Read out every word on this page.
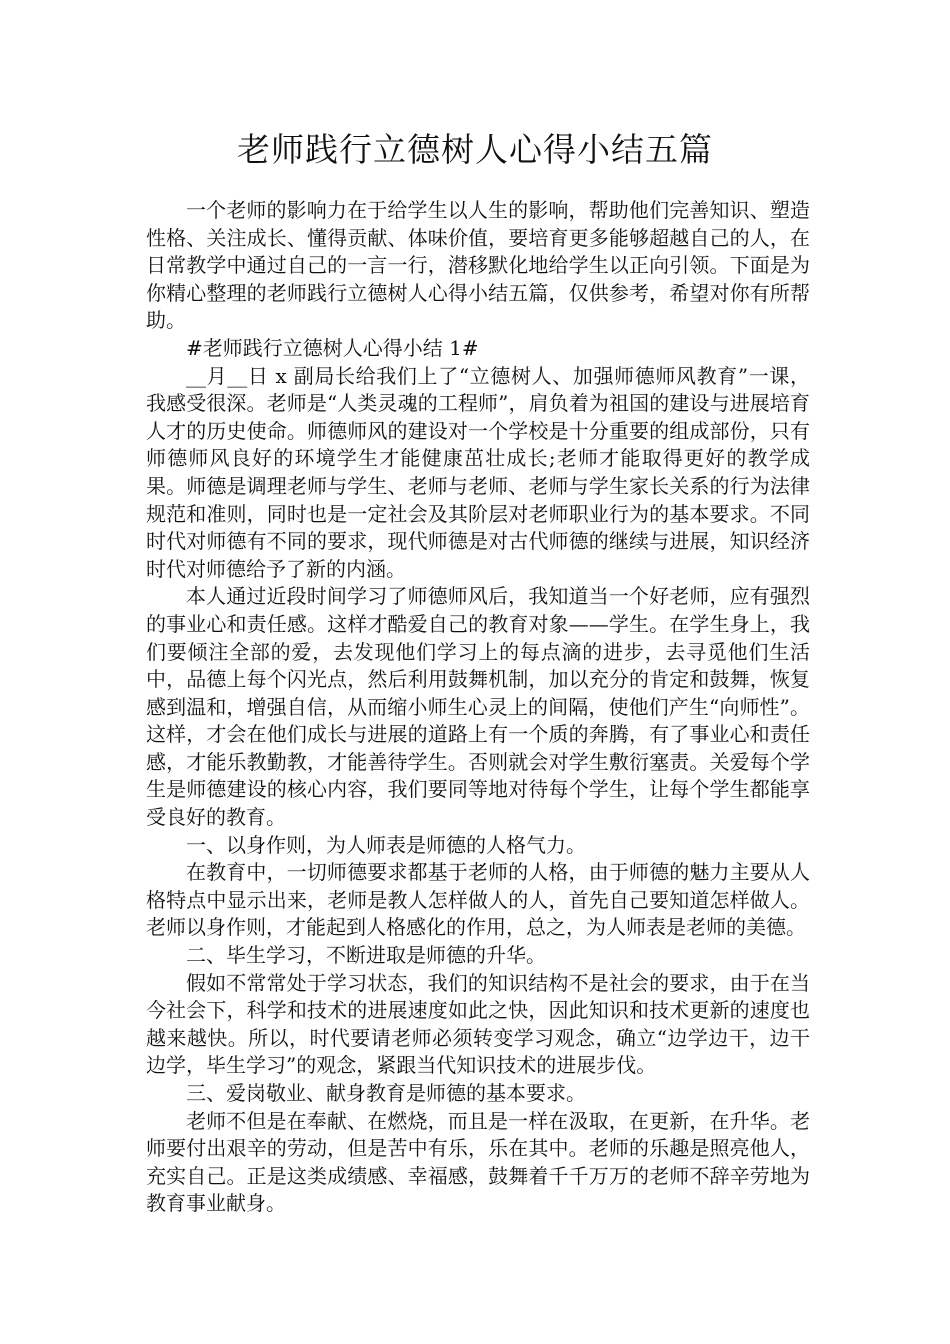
老师践行立德树人心得小结五篇

一个老师的影响力在于给学生以人生的影响，帮助他们完善知识、塑造性格、关注成长、懂得贡献、体味价值，要培育更多能够超越自己的人，在日常教学中通过自己的一言一行，潜移默化地给学生以正向引领。下面是为你精心整理的老师践行立德树人心得小结五篇，仅供参考，希望对你有所帮助。

#老师践行立德树人心得小结 1#

__月__日 x 副局长给我们上了“立德树人、加强师德师风教育”一课，我感受很深。老师是“人类灵魂的工程师”，肩负着为祖国的建设与进展培育人才的历史使命。师德师风的建设对一个学校是十分重要的组成部份，只有师德师风良好的环境学生才能健康茁壮成长;老师才能取得更好的教学成果。师德是调理老师与学生、老师与老师、老师与学生家长关系的行为法律规范和准则，同时也是一定社会及其阶层对老师职业行为的基本要求。不同时代对师德有不同的要求，现代师德是对古代师德的继续与进展，知识经济时代对师德给予了新的内涵。

本人通过近段时间学习了师德师风后，我知道当一个好老师，应有强烈的事业心和责任感。这样才酷爱自己的教育对象——学生。在学生身上，我们要倾注全部的爱，去发现他们学习上的每点滴的进步，去寻觅他们生活中，品德上每个闪光点，然后利用鼓舞机制，加以充分的肯定和鼓舞，恢复感到温和，增强自信，从而缩小师生心灵上的间隔，使他们产生“向师性”。这样，才会在他们成长与进展的道路上有一个质的奔腾，有了事业心和责任感，才能乐教勤教，才能善待学生。否则就会对学生敷衍塞责。关爱每个学生是师德建设的核心内容，我们要同等地对待每个学生，让每个学生都能享受良好的教育。

一、以身作则，为人师表是师德的人格气力。

在教育中，一切师德要求都基于老师的人格，由于师德的魅力主要从人格特点中显示出来，老师是教人怎样做人的人，首先自己要知道怎样做人。老师以身作则，才能起到人格感化的作用，总之，为人师表是老师的美德。

二、毕生学习，不断进取是师德的升华。

假如不常常处于学习状态，我们的知识结构不是社会的要求，由于在当今社会下，科学和技术的进展速度如此之快，因此知识和技术更新的速度也越来越快。所以，时代要请老师必须转变学习观念，确立“边学边干，边干边学，毕生学习”的观念，紧跟当代知识技术的进展步伐。

三、爱岗敬业、献身教育是师德的基本要求。

老师不但是在奉献、在燃烧，而且是一样在汲取，在更新，在升华。老师要付出艰辛的劳动，但是苦中有乐，乐在其中。老师的乐趣是照亮他人，充实自己。正是这类成绩感、幸福感，鼓舞着千千万万的老师不辞辛劳地为教育事业献身。
